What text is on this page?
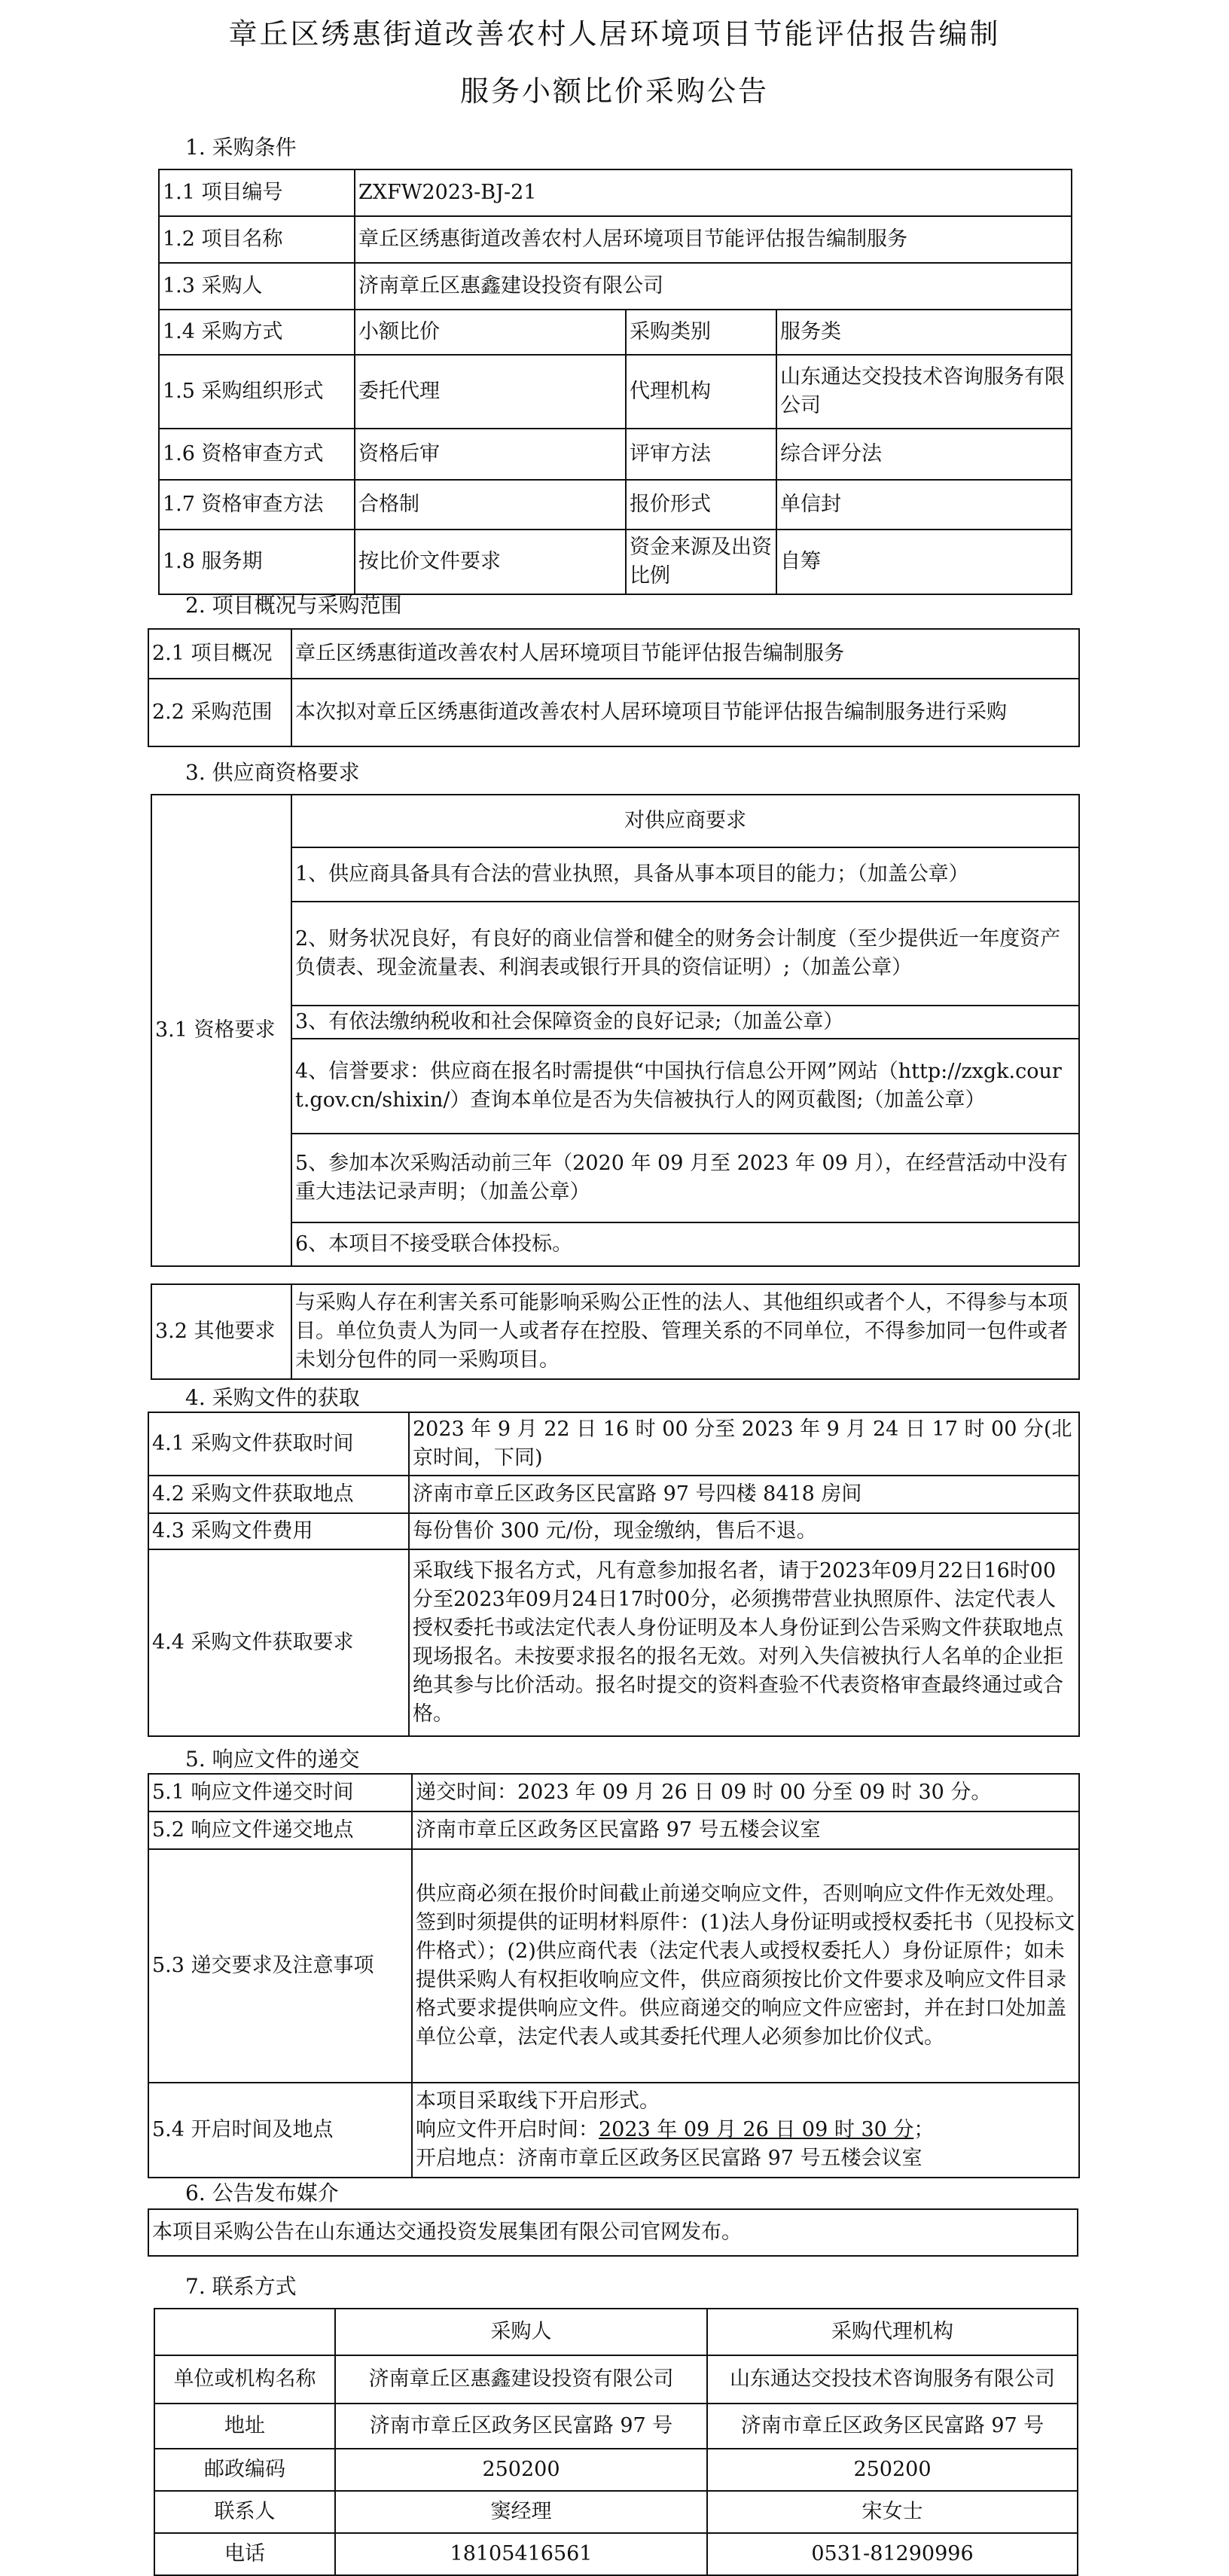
章丘区绣惠街道改善农村人居环境项目节能评估报告编制
服务小额比价采购公告
1. 采购条件
1.1 项目编号	ZXFW2023-BJ-21		
1.2 项目名称	章丘区绣惠街道改善农村人居环境项目节能评估报告编制服务		
1.3 采购人	济南章丘区惠鑫建设投资有限公司		
1.4 采购方式	小额比价	采购类别	服务类
1.5 采购组织形式	委托代理	代理机构	山东通达交投技术咨询服务有限公司
1.6 资格审查方式	资格后审	评审方法	综合评分法
1.7 资格审查方法	合格制	报价形式	单信封
1.8 服务期	按比价文件要求	资金来源及出资比例	自筹
2. 项目概况与采购范围
2.1 项目概况	章丘区绣惠街道改善农村人居环境项目节能评估报告编制服务
2.2 采购范围	本次拟对章丘区绣惠街道改善农村人居环境项目节能评估报告编制服务进行采购
3. 供应商资格要求
3.1 资格要求	对供应商要求
1、供应商具备具有合法的营业执照，具备从事本项目的能力；（加盖公章）
2、财务状况良好，有良好的商业信誉和健全的财务会计制度（至少提供近一年度资产负债表、现金流量表、利润表或银行开具的资信证明）;（加盖公章）
3、有依法缴纳税收和社会保障资金的良好记录;（加盖公章）
4、信誉要求：供应商在报名时需提供“中国执行信息公开网”网站（http://zxgk.court.gov.cn/shixin/）查询本单位是否为失信被执行人的网页截图;（加盖公章）
5、参加本次采购活动前三年（2020 年 09 月至 2023 年 09 月），在经营活动中没有重大违法记录声明；（加盖公章）
6、本项目不接受联合体投标。
3.2 其他要求	与采购人存在利害关系可能影响采购公正性的法人、其他组织或者个人，不得参与本项目。单位负责人为同一人或者存在控股、管理关系的不同单位，不得参加同一包件或者未划分包件的同一采购项目。
4. 采购文件的获取
4.1 采购文件获取时间	2023 年 9 月 22 日 16 时 00 分至 2023 年 9 月 24 日 17 时 00 分(北京时间，下同)
4.2 采购文件获取地点	济南市章丘区政务区民富路 97 号四楼 8418 房间
4.3 采购文件费用	每份售价 300 元/份，现金缴纳，售后不退。
4.4 采购文件获取要求	采取线下报名方式，凡有意参加报名者，请于2023年09月22日16时00分至2023年09月24日17时00分，必须携带营业执照原件、法定代表人授权委托书或法定代表人身份证明及本人身份证到公告采购文件获取地点现场报名。未按要求报名的报名无效。对列入失信被执行人名单的企业拒绝其参与比价活动。报名时提交的资料查验不代表资格审查最终通过或合格。
5. 响应文件的递交
5.1 响应文件递交时间	递交时间：2023 年 09 月 26 日 09 时 00 分至 09 时 30 分。
5.2 响应文件递交地点	济南市章丘区政务区民富路 97 号五楼会议室
5.3 递交要求及注意事项	供应商必须在报价时间截止前递交响应文件，否则响应文件作无效处理。签到时须提供的证明材料原件：(1)法人身份证明或授权委托书（见投标文件格式）；(2)供应商代表（法定代表人或授权委托人）身份证原件；如未提供采购人有权拒收响应文件，供应商须按比价文件要求及响应文件目录格式要求提供响应文件。供应商递交的响应文件应密封，并在封口处加盖单位公章，法定代表人或其委托代理人必须参加比价仪式。
5.4 开启时间及地点	本项目采取线下开启形式。
响应文件开启时间：2023 年 09 月 26 日 09 时 30 分；
开启地点：济南市章丘区政务区民富路 97 号五楼会议室
6. 公告发布媒介
本项目采购公告在山东通达交通投资发展集团有限公司官网发布。
7. 联系方式
	采购人	采购代理机构
单位或机构名称	济南章丘区惠鑫建设投资有限公司	山东通达交投技术咨询服务有限公司
地址	济南市章丘区政务区民富路 97 号	济南市章丘区政务区民富路 97 号
邮政编码	250200	250200
联系人	窦经理	宋女士
电话	18105416561	0531-81290996
